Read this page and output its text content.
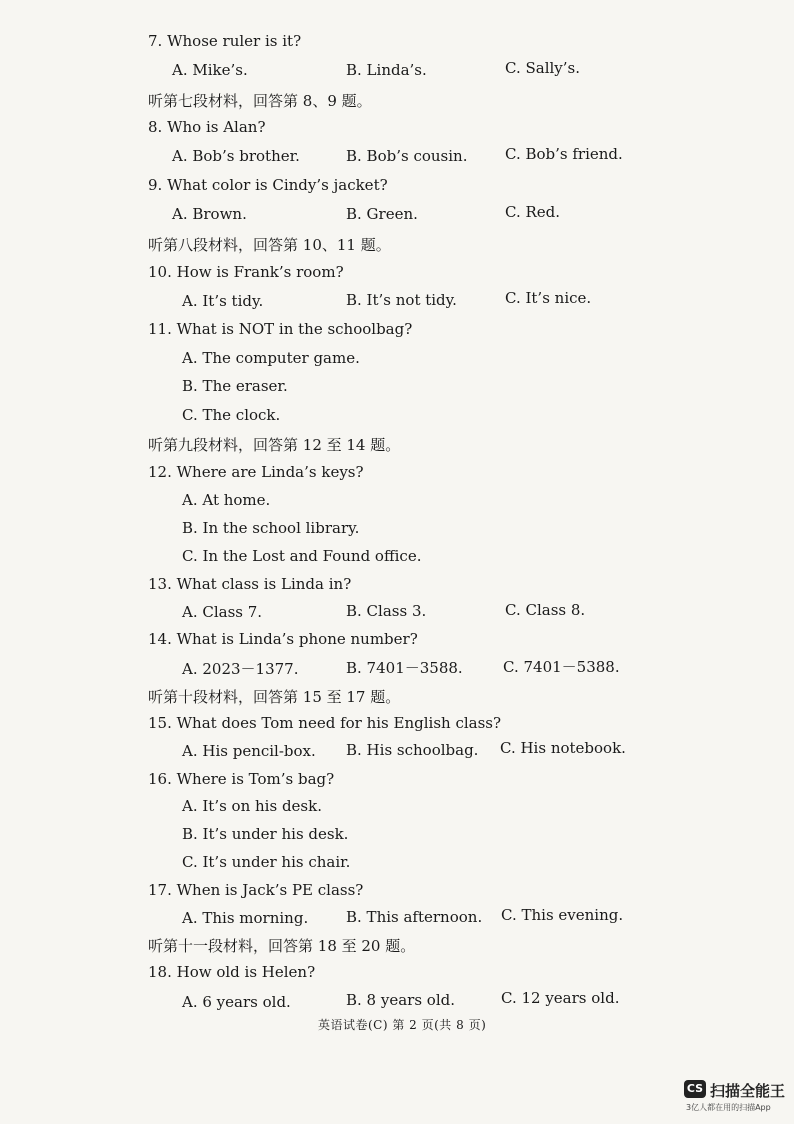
7. Whose ruler is it?
A. Mike’s.	B. Linda’s.	C. Sally’s.
听第七段材料，回答第 8、9 题。
8. Who is Alan?
A. Bob’s brother.	B. Bob’s cousin.	C. Bob’s friend.
9. What color is Cindy’s jacket?
A. Brown.	B. Green.	C. Red.
听第八段材料，回答第 10、11 题。
10. How is Frank’s room?
A. It’s tidy.	B. It’s not tidy.	C. It’s nice.
11. What is NOT in the schoolbag?
A. The computer game.
B. The eraser.
C. The clock.
听第九段材料，回答第 12 至 14 题。
12. Where are Linda’s keys?
A. At home.
B. In the school library.
C. In the Lost and Found office.
13. What class is Linda in?
A. Class 7.	B. Class 3.	C. Class 8.
14. What is Linda’s phone number?
A. 2023－1377.	B. 7401－3588.	C. 7401－5388.
听第十段材料，回答第 15 至 17 题。
15. What does Tom need for his English class?
A. His pencil-box. B. His schoolbag. C. His notebook.
16. Where is Tom’s bag?
A. It’s on his desk.
B. It’s under his desk.
C. It’s under his chair.
17. When is Jack’s PE class?
A. This morning.	B. This afternoon. C. This evening.
听第十一段材料，回答第 18 至 20 题。
18. How old is Helen?
A. 6 years old.	B. 8 years old.	C. 12 years old.
英语试卷(C) 第 2 页(共 8 页)
CS 扫描全能王
3亿人都在用的扫描App
